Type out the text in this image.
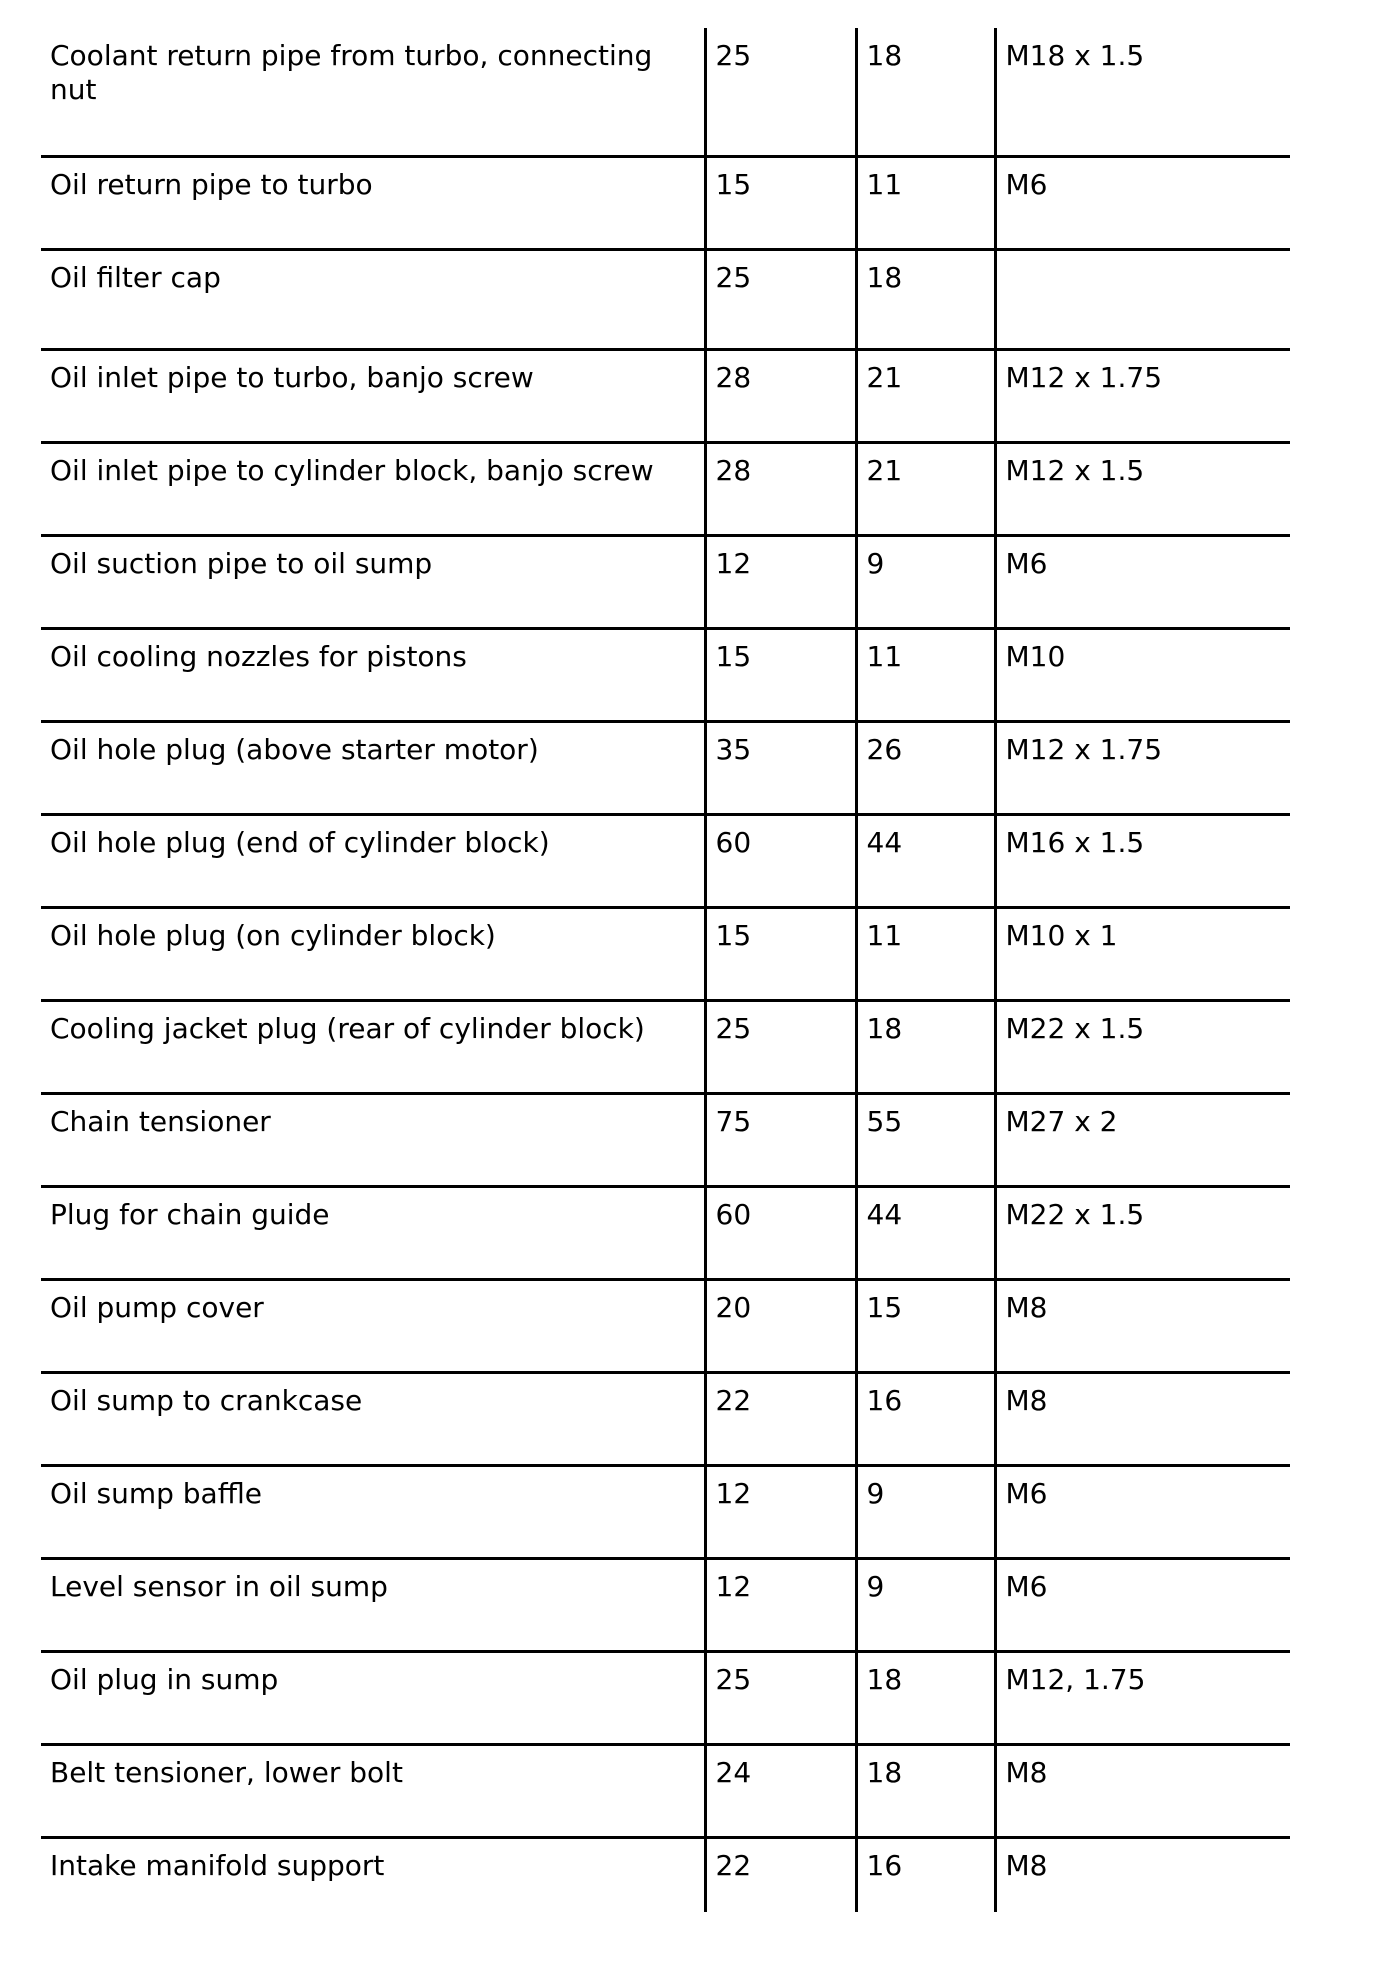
Coolant return pipe from turbo, connecting nut	25	18	M18 x 1.5
Oil return pipe to turbo	15	11	M6
Oil filter cap	25	18	
Oil inlet pipe to turbo, banjo screw	28	21	M12 x 1.75
Oil inlet pipe to cylinder block, banjo screw	28	21	M12 x 1.5
Oil suction pipe to oil sump	12	9	M6
Oil cooling nozzles for pistons	15	11	M10
Oil hole plug (above starter motor)	35	26	M12 x 1.75
Oil hole plug (end of cylinder block)	60	44	M16 x 1.5
Oil hole plug (on cylinder block)	15	11	M10 x 1
Cooling jacket plug (rear of cylinder block)	25	18	M22 x 1.5
Chain tensioner	75	55	M27 x 2
Plug for chain guide	60	44	M22 x 1.5
Oil pump cover	20	15	M8
Oil sump to crankcase	22	16	M8
Oil sump baffle	12	9	M6
Level sensor in oil sump	12	9	M6
Oil plug in sump	25	18	M12, 1.75
Belt tensioner, lower bolt	24	18	M8
Intake manifold support	22	16	M8
